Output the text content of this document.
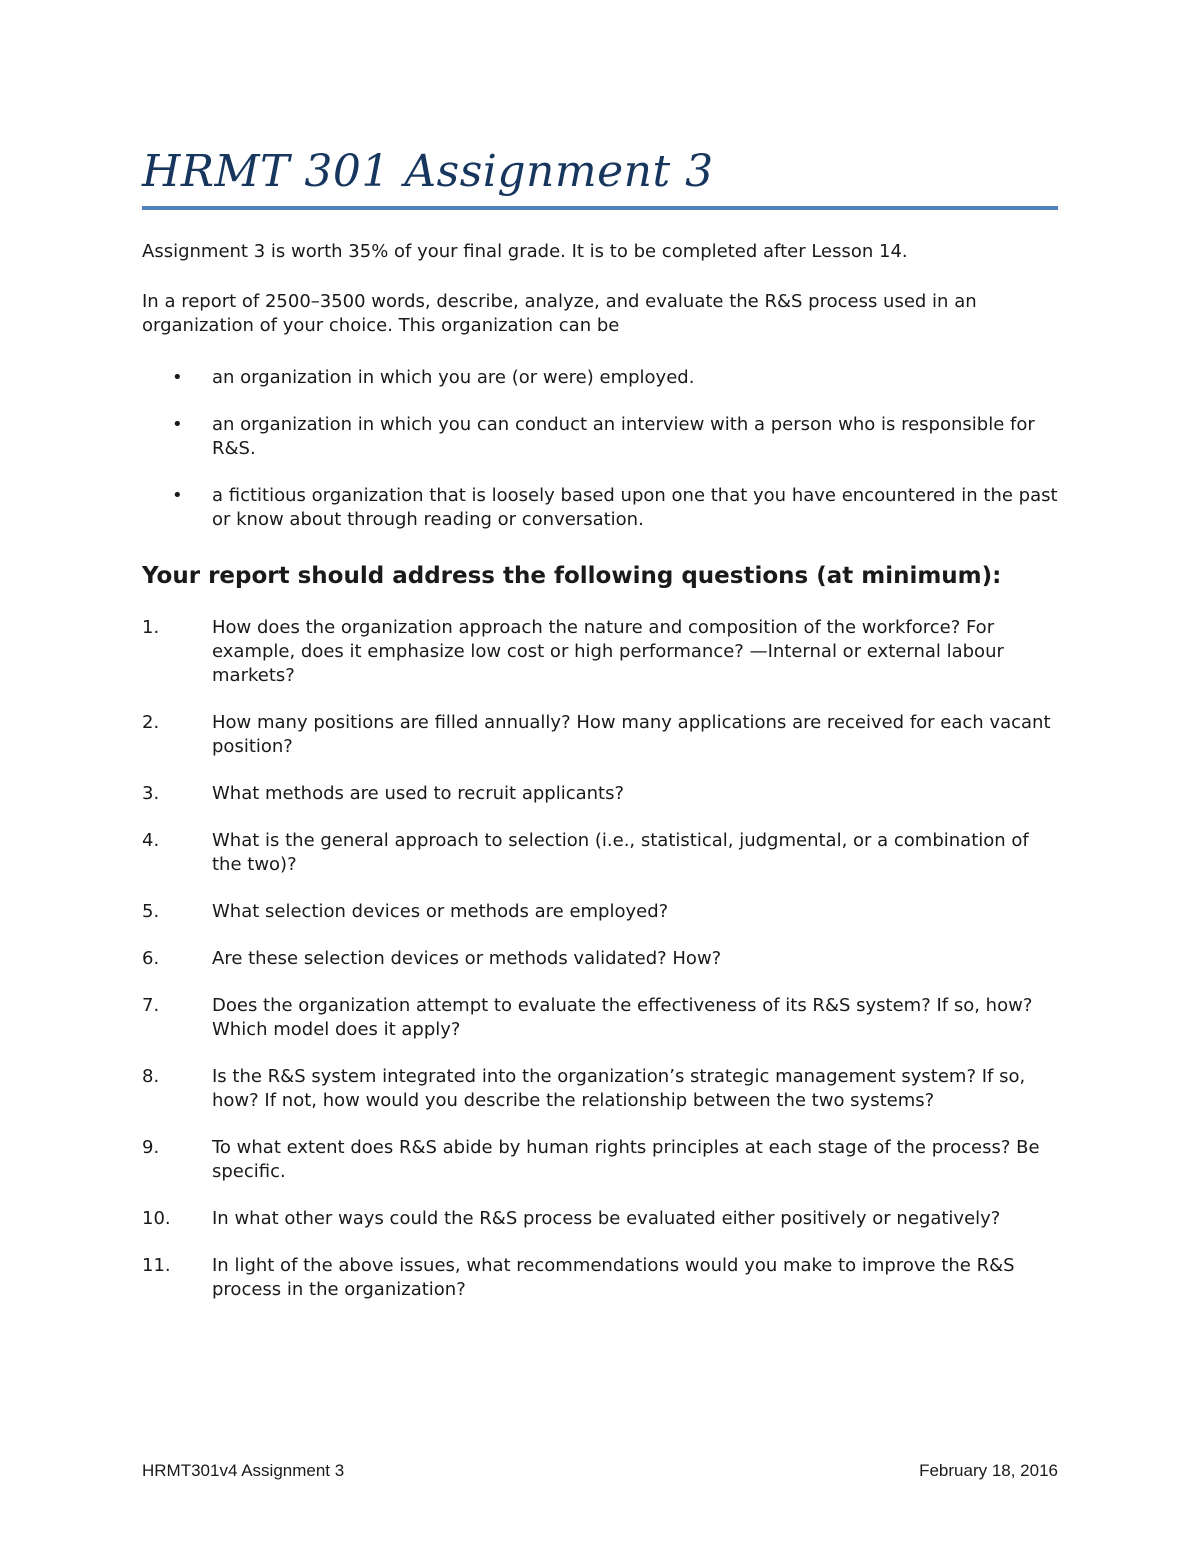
HRMT 301 Assignment 3

Assignment 3 is worth 35% of your final grade. It is to be completed after Lesson 14.

In a report of 2500–3500 words, describe, analyze, and evaluate the R&S process used in an organization of your choice. This organization can be

• an organization in which you are (or were) employed.
• an organization in which you can conduct an interview with a person who is responsible for R&S.
• a fictitious organization that is loosely based upon one that you have encountered in the past or know about through reading or conversation.

Your report should address the following questions (at minimum):

1.	How does the organization approach the nature and composition of the workforce? For example, does it emphasize low cost or high performance? —Internal or external labour markets?
2.	How many positions are filled annually? How many applications are received for each vacant position?
3.	What methods are used to recruit applicants?
4.	What is the general approach to selection (i.e., statistical, judgmental, or a combination of the two)?
5.	What selection devices or methods are employed?
6.	Are these selection devices or methods validated? How?
7.	Does the organization attempt to evaluate the effectiveness of its R&S system? If so, how? Which model does it apply?
8.	Is the R&S system integrated into the organization’s strategic management system? If so, how? If not, how would you describe the relationship between the two systems?
9.	To what extent does R&S abide by human rights principles at each stage of the process? Be specific.
10. In what other ways could the R&S process be evaluated either positively or negatively?
11. In light of the above issues, what recommendations would you make to improve the R&S process in the organization?
HRMT301v4 Assignment 3	February 18, 2016
